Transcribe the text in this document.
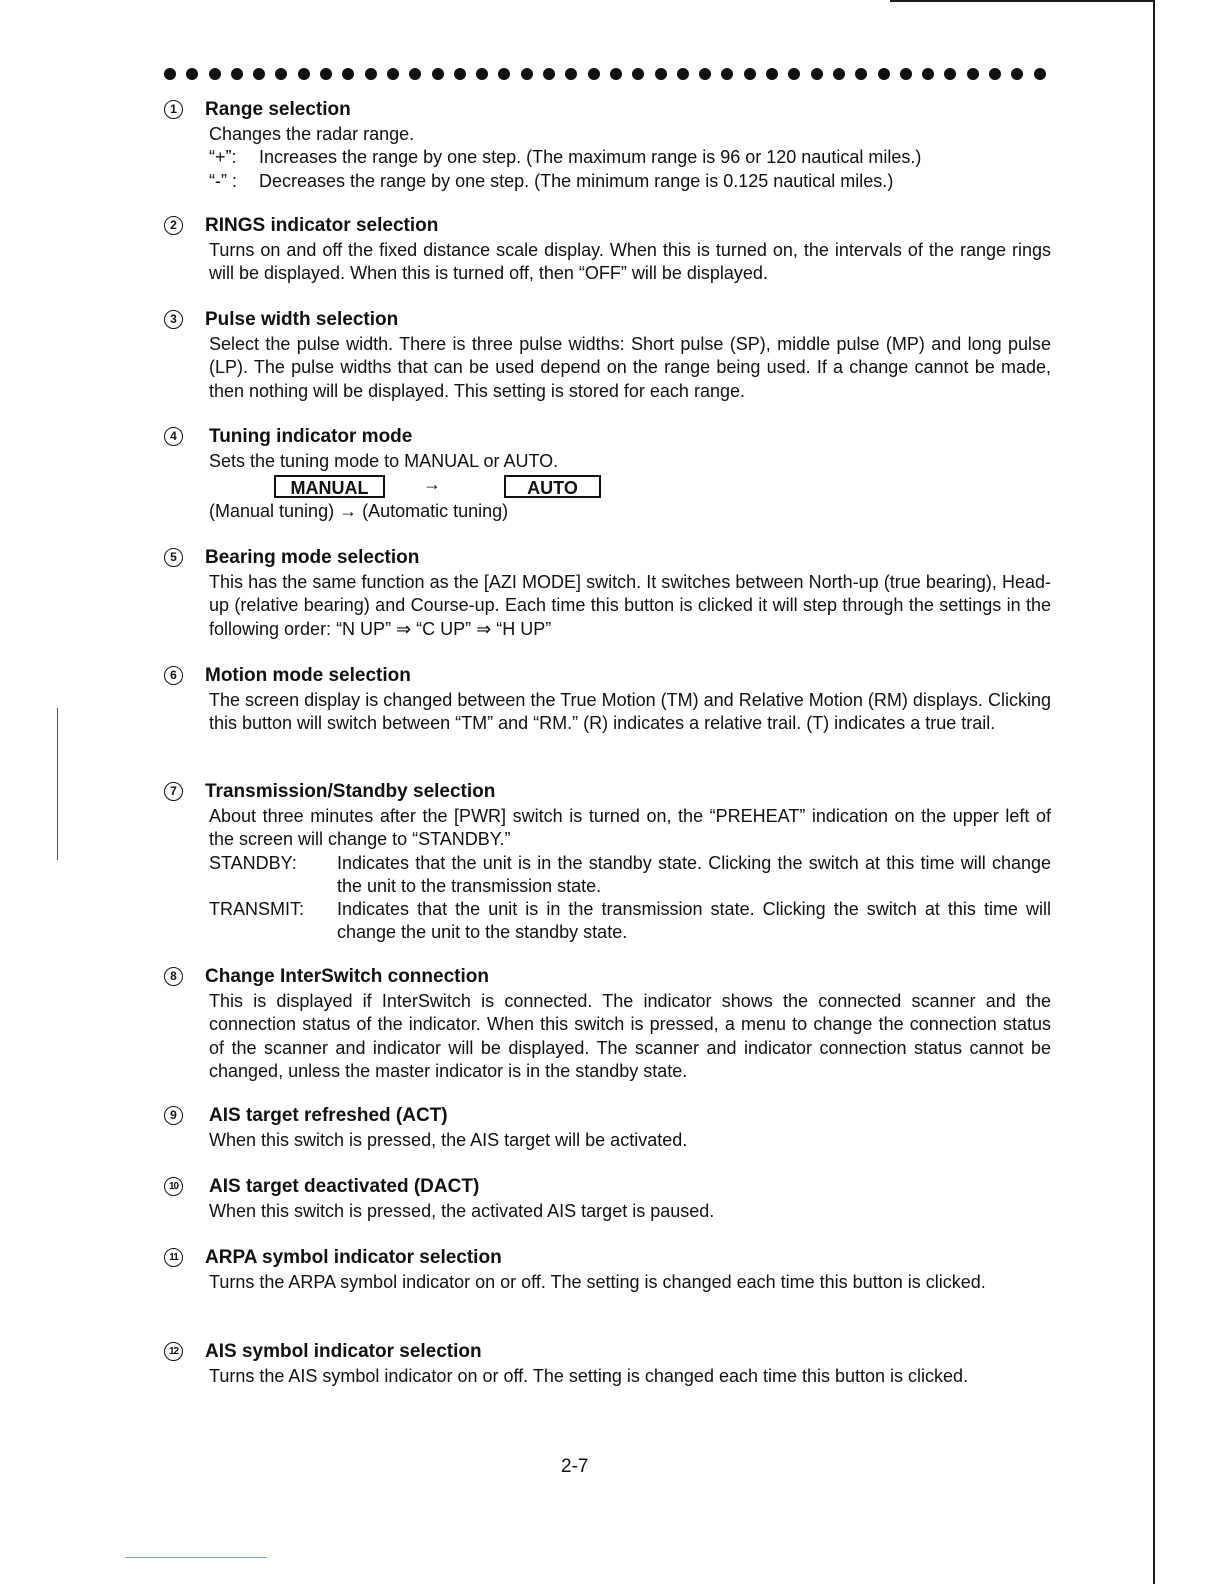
1	Range selection

Changes the radar range.

“+”: Increases the range by one step. (The maximum range is 96 or 120 nautical miles.)

“-” : Decreases the range by one step. (The minimum range is 0.125 nautical miles.)

2	RINGS indicator selection
Turns on and off the fixed distance scale display. When this is turned on, the intervals of the range rings will be displayed. When this is turned off, then “OFF” will be displayed.
3	Pulse width selection
Select the pulse width. There is three pulse widths: Short pulse (SP), middle pulse (MP) and long pulse (LP). The pulse widths that can be used depend on the range being used. If a change cannot be made, then nothing will be displayed. This setting is stored for each range.
4	Tuning indicator mode

Sets the tuning mode to MANUAL or AUTO.

MANUAL	→	AUTO

(Manual tuning) → (Automatic tuning)

5	Bearing mode selection
This has the same function as the [AZI MODE] switch. It switches between North-up (true bearing), Head-up (relative bearing) and Course-up. Each time this button is clicked it will step through the settings in the following order: “N UP” ⇒ “C UP” ⇒ “H UP”
6	Motion mode selection
The screen display is changed between the True Motion (TM) and Relative Motion (RM) displays. Clicking this button will switch between “TM” and “RM.” (R) indicates a relative trail. (T) indicates a true trail.
7	Transmission/Standby selection

About three minutes after the [PWR] switch is turned on, the “PREHEAT” indication on the upper left of the screen will change to “STANDBY.”

STANDBY:	Indicates that the unit is in the standby state. Clicking the switch at this time will change the unit to the transmission state.
TRANSMIT:	Indicates that the unit is in the transmission state. Clicking the switch at this time will change the unit to the standby state.
8	Change InterSwitch connection
This is displayed if InterSwitch is connected. The indicator shows the connected scanner and the connection status of the indicator. When this switch is pressed, a menu to change the connection status of the scanner and indicator will be displayed. The scanner and indicator connection status cannot be changed, unless the master indicator is in the standby state.
9	AIS target refreshed (ACT)
When this switch is pressed, the AIS target will be activated.
10 AIS target deactivated (DACT)
When this switch is pressed, the activated AIS target is paused.
11 ARPA symbol indicator selection
Turns the ARPA symbol indicator on or off. The setting is changed each time this button is clicked.
12 AIS symbol indicator selection
Turns the AIS symbol indicator on or off. The setting is changed each time this button is clicked.
2-7
